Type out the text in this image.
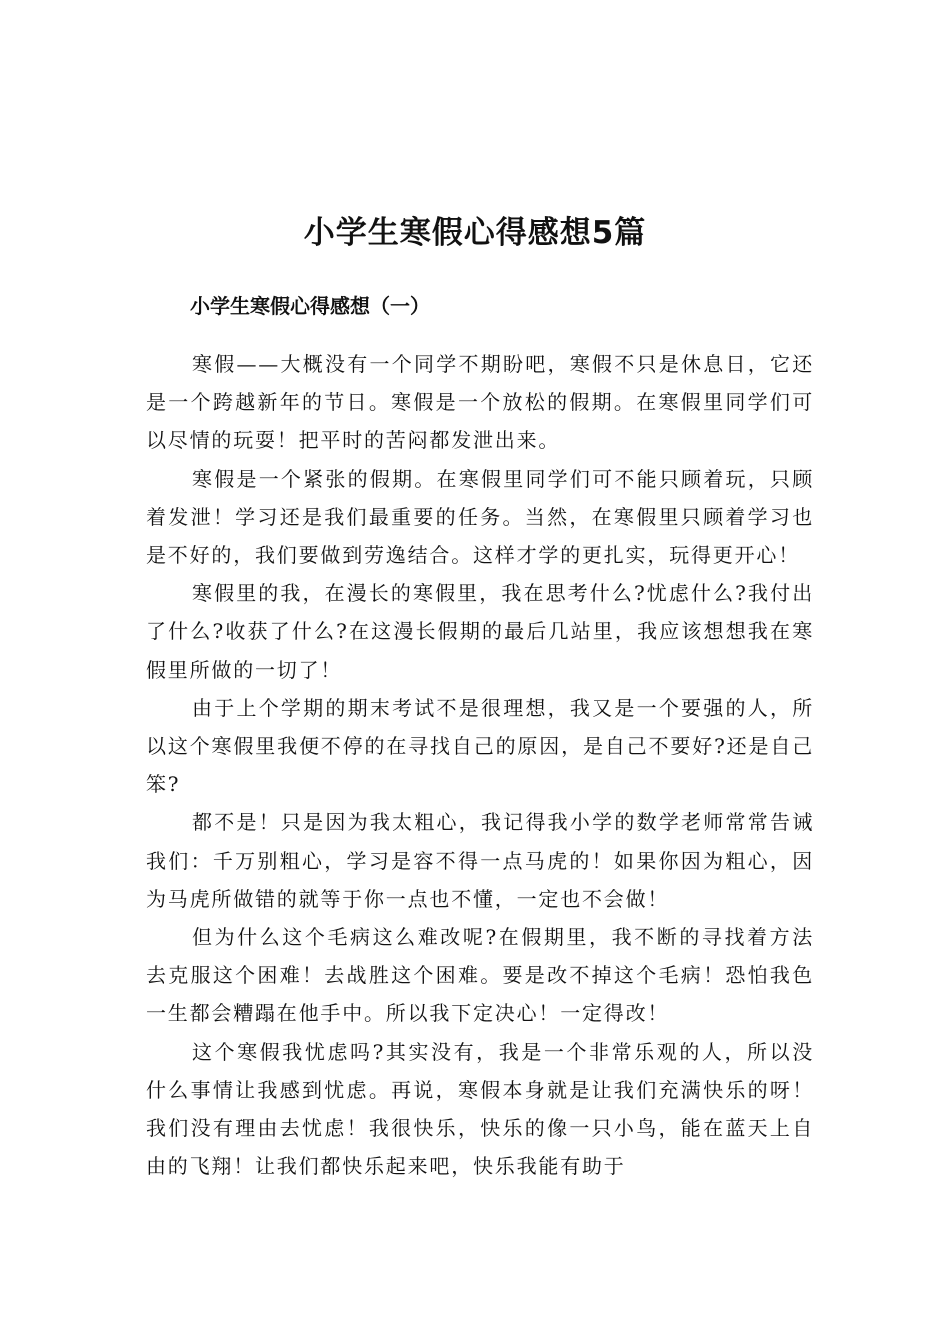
小学生寒假心得感想5篇
小学生寒假心得感想（一）

寒假——大概没有一个同学不期盼吧，寒假不只是休息日，它还是一个跨越新年的节日。寒假是一个放松的假期。在寒假里同学们可以尽情的玩耍！把平时的苦闷都发泄出来。

寒假是一个紧张的假期。在寒假里同学们可不能只顾着玩，只顾着发泄！学习还是我们最重要的任务。当然，在寒假里只顾着学习也是不好的，我们要做到劳逸结合。这样才学的更扎实，玩得更开心！

寒假里的我，在漫长的寒假里，我在思考什么?忧虑什么?我付出了什么?收获了什么?在这漫长假期的最后几站里，我应该想想我在寒假里所做的一切了！

由于上个学期的期末考试不是很理想，我又是一个要强的人，所以这个寒假里我便不停的在寻找自己的原因，是自己不要好?还是自己笨?

都不是！只是因为我太粗心，我记得我小学的数学老师常常告诫我们：千万别粗心，学习是容不得一点马虎的！如果你因为粗心，因为马虎所做错的就等于你一点也不懂，一定也不会做！

但为什么这个毛病这么难改呢?在假期里，我不断的寻找着方法去克服这个困难！去战胜这个困难。要是改不掉这个毛病！恐怕我色一生都会糟蹋在他手中。所以我下定决心！一定得改！

这个寒假我忧虑吗?其实没有，我是一个非常乐观的人，所以没什么事情让我感到忧虑。再说，寒假本身就是让我们充满快乐的呀！我们没有理由去忧虑！我很快乐，快乐的像一只小鸟，能在蓝天上自由的飞翔！让我们都快乐起来吧，快乐我能有助于
